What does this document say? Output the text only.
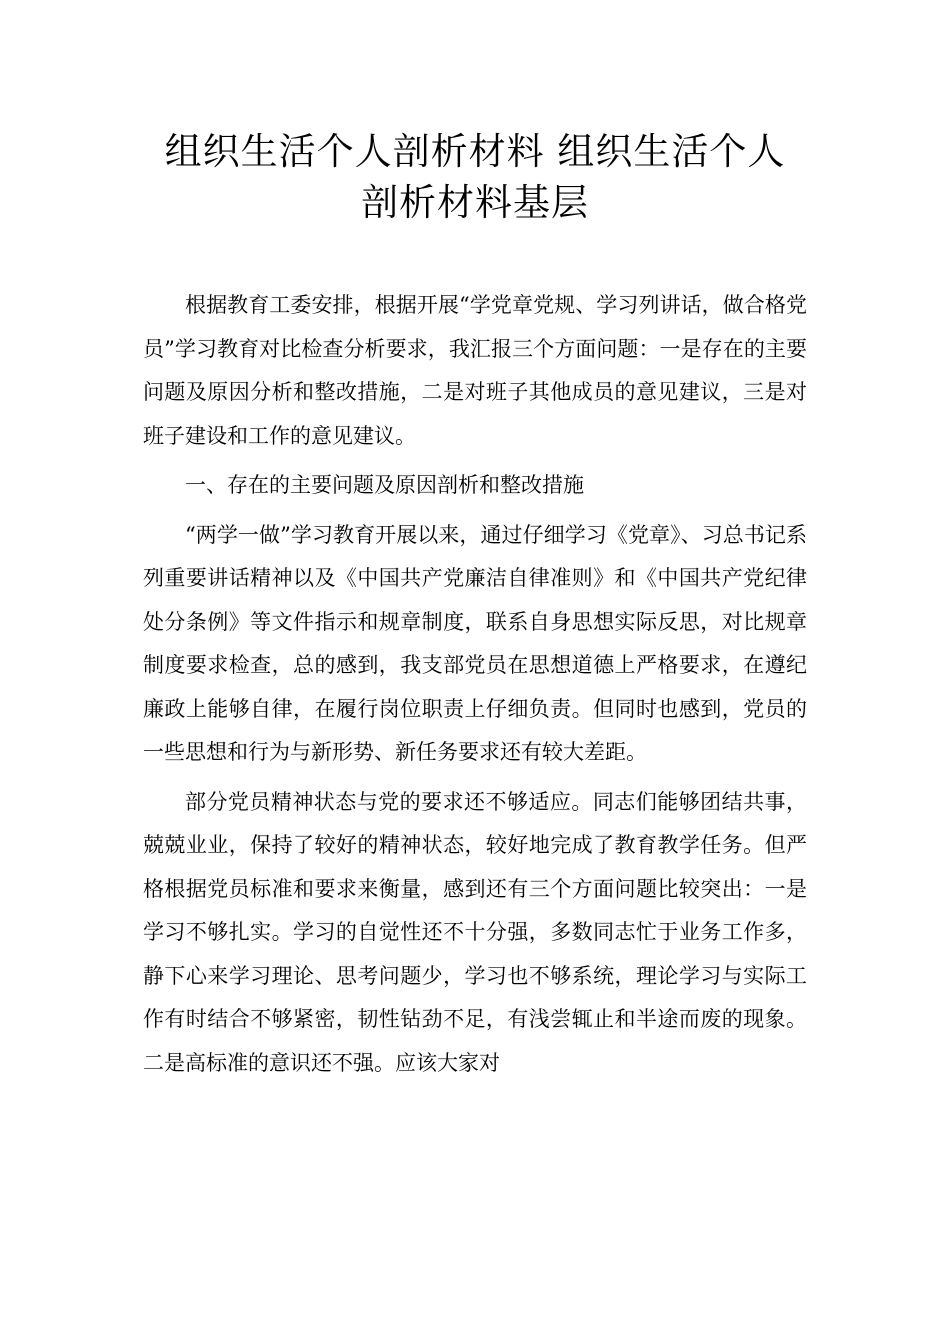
组织生活个人剖析材料 组织生活个人
剖析材料基层

根据教育工委安排，根据开展“学党章党规、学习列讲话，做合格党员”学习教育对比检查分析要求，我汇报三个方面问题：一是存在的主要问题及原因分析和整改措施，二是对班子其他成员的意见建议，三是对班子建设和工作的意见建议。

一、存在的主要问题及原因剖析和整改措施

“两学一做”学习教育开展以来，通过仔细学习《党章》、习总书记系列重要讲话精神以及《中国共产党廉洁自律准则》和《中国共产党纪律处分条例》等文件指示和规章制度，联系自身思想实际反思，对比规章制度要求检查，总的感到，我支部党员在思想道德上严格要求，在遵纪廉政上能够自律，在履行岗位职责上仔细负责。但同时也感到，党员的一些思想和行为与新形势、新任务要求还有较大差距。

部分党员精神状态与党的要求还不够适应。同志们能够团结共事，兢兢业业，保持了较好的精神状态，较好地完成了教育教学任务。但严格根据党员标准和要求来衡量，感到还有三个方面问题比较突出：一是学习不够扎实。学习的自觉性还不十分强，多数同志忙于业务工作多，静下心来学习理论、思考问题少，学习也不够系统，理论学习与实际工作有时结合不够紧密，韧性钻劲不足，有浅尝辄止和半途而废的现象。二是高标准的意识还不强。应该大家对
